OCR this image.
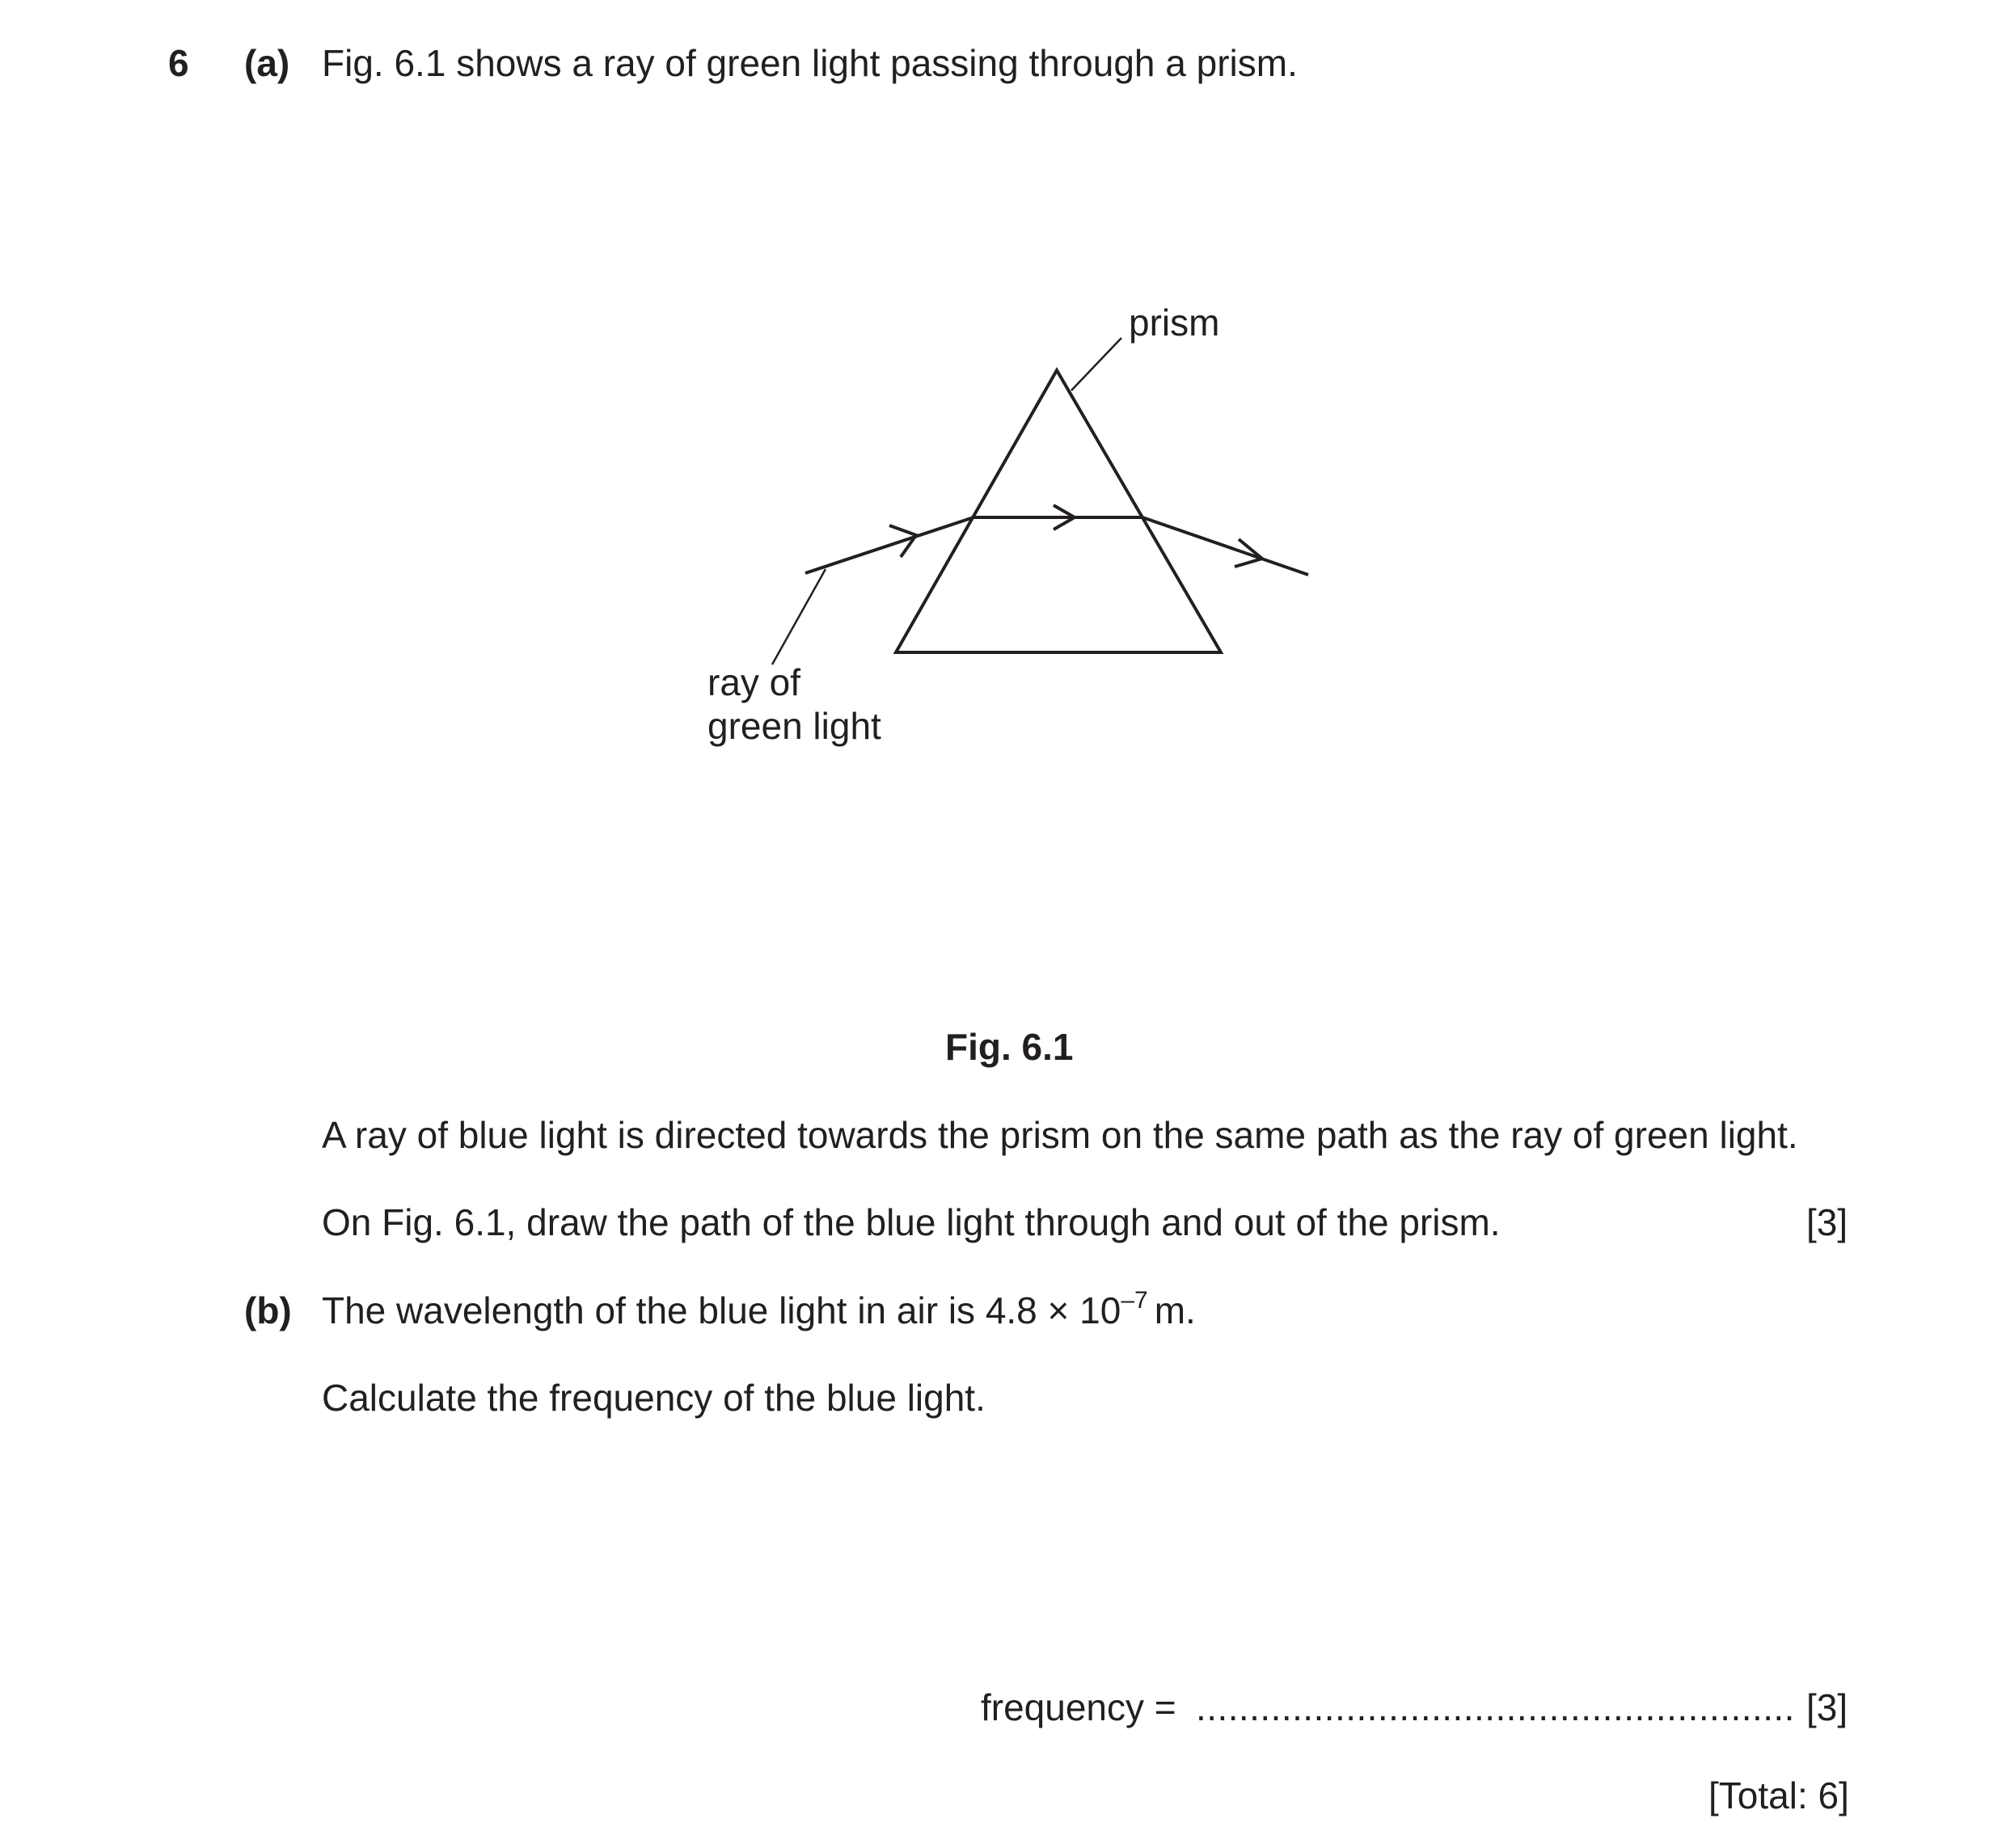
6 (a) Fig. 6.1 shows a ray of green light passing through a prism.
prism
ray of
green light
Fig. 6.1
A ray of blue light is directed towards the prism on the same path as the ray of green light.
On Fig. 6.1, draw the path of the blue light through and out of the prism.	[3]
(b) The wavelength of the blue light in air is $4.8 \times 10^{-7}$ m.
Calculate the frequency of the blue light.
frequency = ........................................................ [3]
[Total: 6]
